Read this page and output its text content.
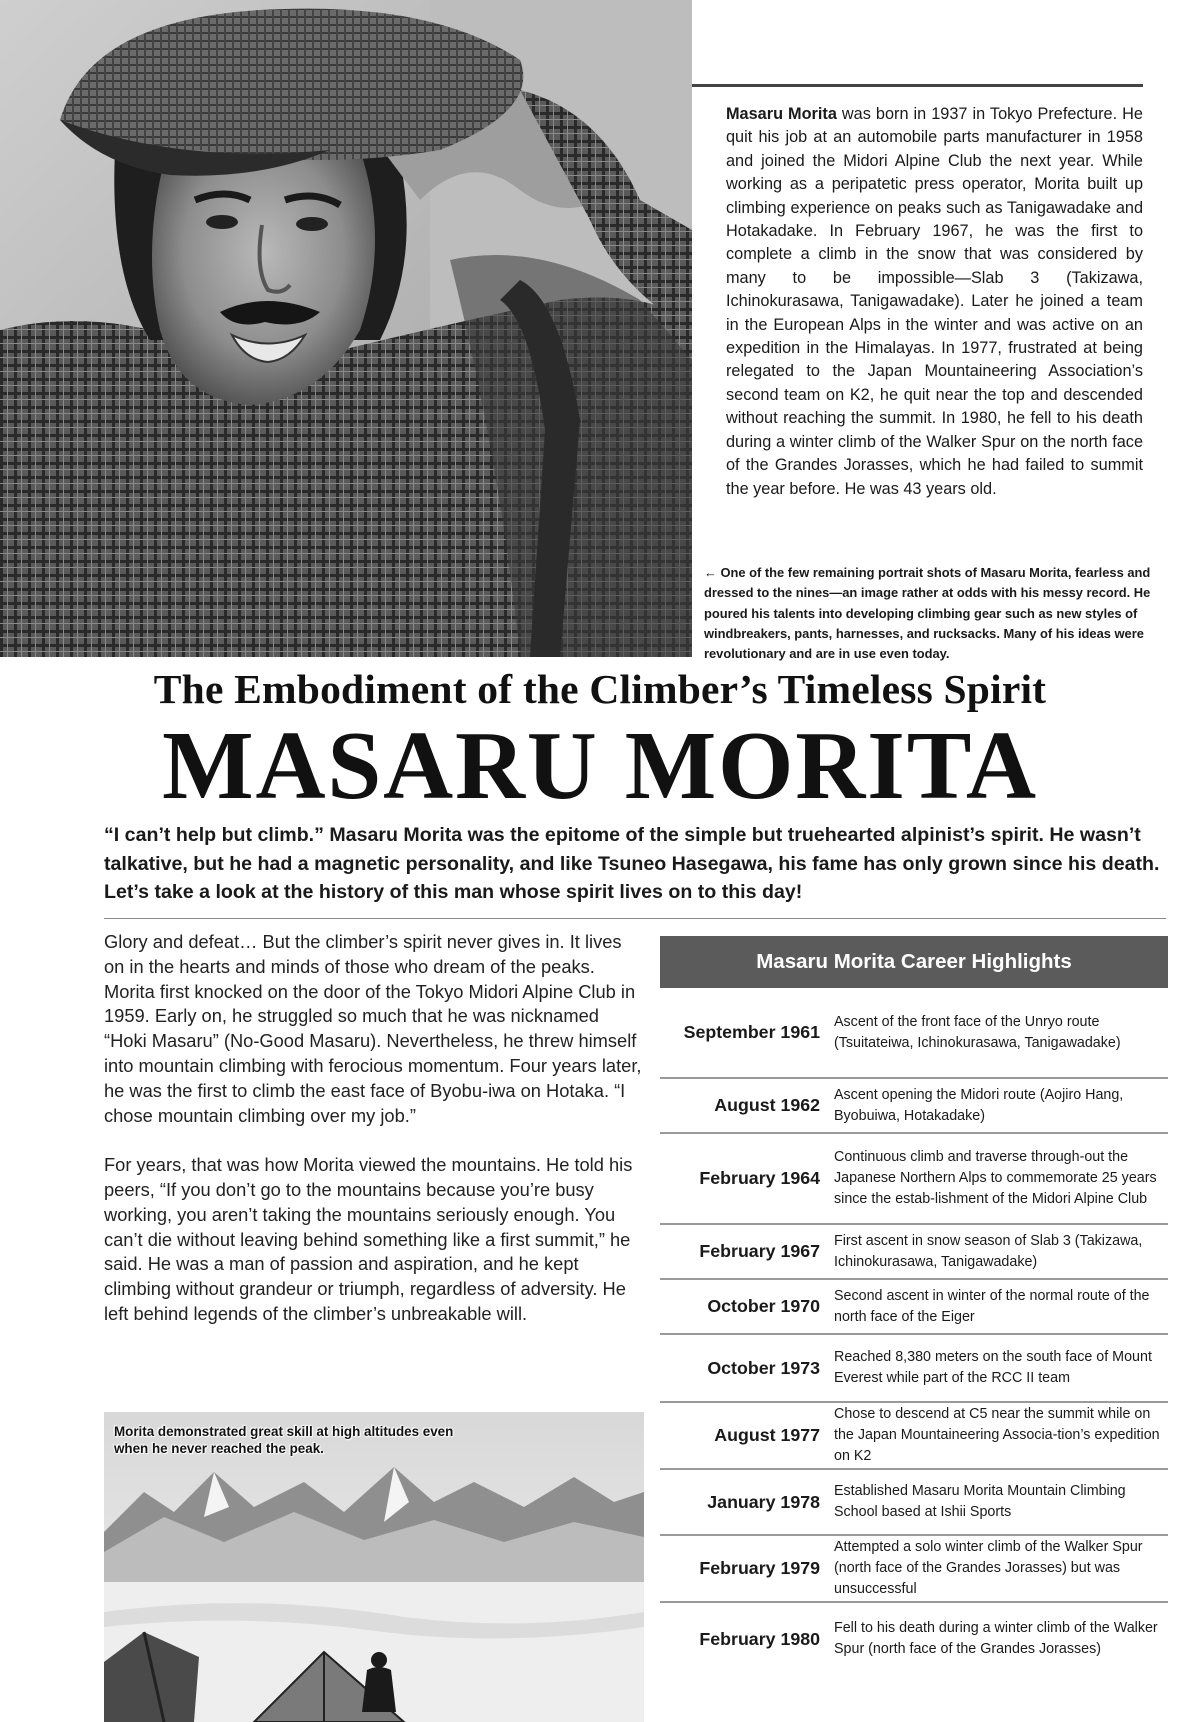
Masaru Morita was born in 1937 in Tokyo Prefecture. He quit his job at an automobile parts manufacturer in 1958 and joined the Midori Alpine Club the next year. While working as a peripatetic press operator, Morita built up climbing experience on peaks such as Tanigawadake and Hotakadake. In February 1967, he was the first to complete a climb in the snow that was considered by many to be impossible—Slab 3 (Takizawa, Ichinokurasawa, Tanigawadake). Later he joined a team in the European Alps in the winter and was active on an expedition in the Himalayas. In 1977, frustrated at being relegated to the Japan Mountaineering Association’s second team on K2, he quit near the top and descended without reaching the summit. In 1980, he fell to his death during a winter climb of the Walker Spur on the north face of the Grandes Jorasses, which he had failed to summit the year before. He was 43 years old.
← One of the few remaining portrait shots of Masaru Morita, fearless and dressed to the nines—an image rather at odds with his messy record. He poured his talents into developing climbing gear such as new styles of windbreakers, pants, harnesses, and rucksacks. Many of his ideas were revolutionary and are in use even today.
The Embodiment of the Climber’s Timeless Spirit
MASARU MORITA
“I can’t help but climb.” Masaru Morita was the epitome of the simple but truehearted alpinist’s spirit. He wasn’t talkative, but he had a magnetic personality, and like Tsuneo Hasegawa, his fame has only grown since his death. Let’s take a look at the history of this man whose spirit lives on to this day!

Glory and defeat… But the climber’s spirit never gives in. It lives on in the hearts and minds of those who dream of the peaks. Morita first knocked on the door of the Tokyo Midori Alpine Club in 1959. Early on, he struggled so much that he was nicknamed “Hoki Masaru” (No-Good Masaru). Nevertheless, he threw himself into mountain climbing with ferocious momentum. Four years later, he was the first to climb the east face of Byobu-iwa on Hotaka. “I chose mountain climbing over my job.”

For years, that was how Morita viewed the mountains. He told his peers, “If you don’t go to the mountains because you’re busy working, you aren’t taking the mountains seriously enough. You can’t die without leaving behind something like a first summit,” he said. He was a man of passion and aspiration, and he kept climbing without grandeur or triumph, regardless of adversity. He left behind legends of the climber’s unbreakable will.

Morita demonstrated great skill at high altitudes even when he never reached the peak.
Masaru Morita Career Highlights
September 1961
Ascent of the front face of the Unryo route (Tsuitateiwa, Ichinokurasawa, Tanigawadake)
August 1962
Ascent opening the Midori route (Aojiro Hang, Byobuiwa, Hotakadake)
February 1964
Continuous climb and traverse through-out the Japanese Northern Alps to commemorate 25 years since the estab-lishment of the Midori Alpine Club
February 1967
First ascent in snow season of Slab 3 (Takizawa, Ichinokurasawa, Tanigawadake)
October 1970
Second ascent in winter of the normal route of the north face of the Eiger
October 1973
Reached 8,380 meters on the south face of Mount Everest while part of the RCC II team
August 1977
Chose to descend at C5 near the summit while on the Japan Mountaineering Associa-tion’s expedition on K2
January 1978
Established Masaru Morita Mountain Climbing School based at Ishii Sports
February 1979
Attempted a solo winter climb of the Walker Spur (north face of the Grandes Jorasses) but was unsuccessful
February 1980
Fell to his death during a winter climb of the Walker Spur (north face of the Grandes Jorasses)
